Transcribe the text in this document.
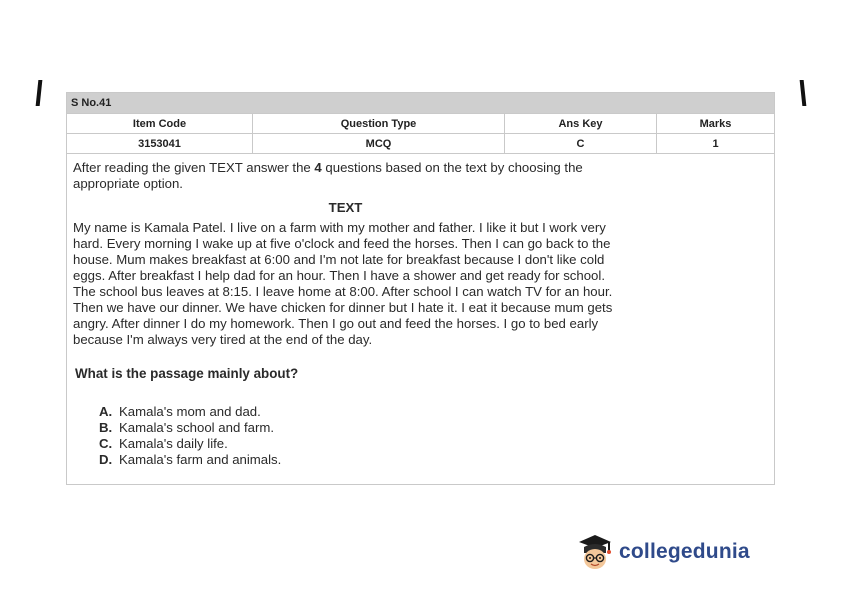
S No.41
Item Code	Question Type	Ans Key	Marks
3153041	MCQ	C	1

After reading the given TEXT answer the 4 questions based on the text by choosing the appropriate option.

TEXT

My name is Kamala Patel. I live on a farm with my mother and father. I like it but I work very hard. Every morning I wake up at five o'clock and feed the horses. Then I can go back to the house. Mum makes breakfast at 6:00 and I'm not late for breakfast because I don't like cold eggs. After breakfast I help dad for an hour. Then I have a shower and get ready for school. The school bus leaves at 8:15. I leave home at 8:00. After school I can watch TV for an hour. Then we have our dinner. We have chicken for dinner but I hate it. I eat it because mum gets angry. After dinner I do my homework. Then I go out and feed the horses. I go to bed early because I'm always very tired at the end of the day.

What is the passage mainly about?
A. Kamala's mom and dad.
B. Kamala's school and farm.
C. Kamala's daily life.
D. Kamala's farm and animals.
collegedunia
